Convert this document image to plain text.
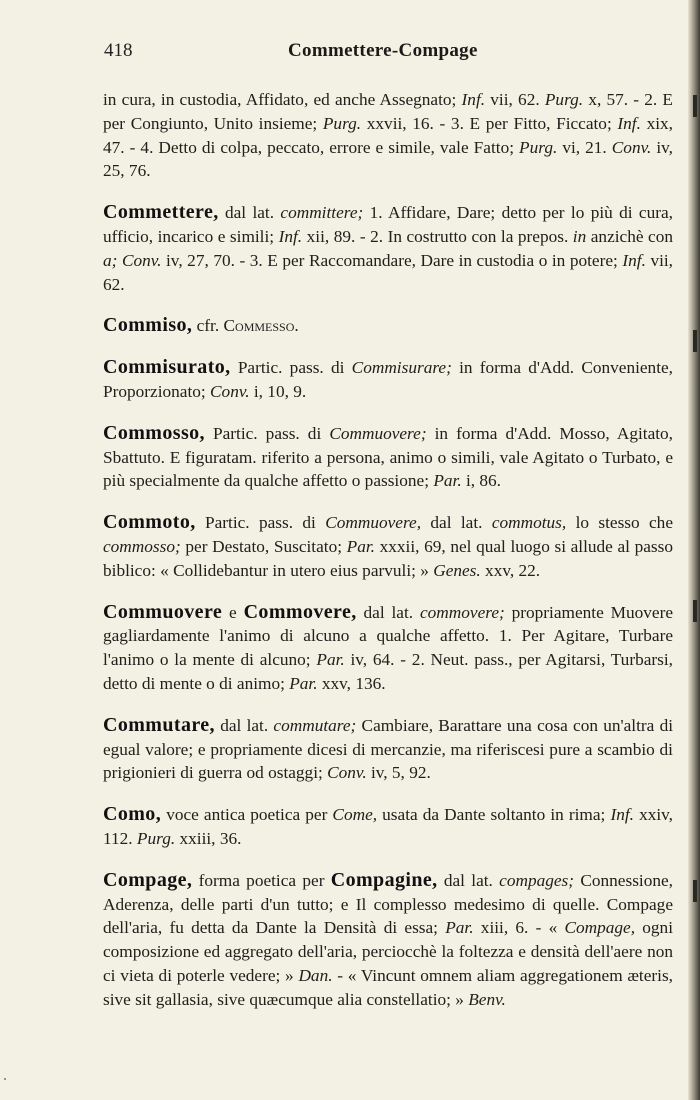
418	Commettere-Compage

in cura, in custodia, Affidato, ed anche Assegnato; Inf. vii, 62. Purg. x, 57. - 2. E per Congiunto, Unito insieme; Purg. xxvii, 16. - 3. E per Fitto, Ficcato; Inf. xix, 47. - 4. Detto di colpa, peccato, errore e simile, vale Fatto; Purg. vi, 21. Conv. iv, 25, 76.

Commettere, dal lat. committere; 1. Affidare, Dare; detto per lo più di cura, ufficio, incarico e simili; Inf. xii, 89. - 2. In costrutto con la prepos. in anzichè con a; Conv. iv, 27, 70. - 3. E per Raccomandare, Dare in custodia o in potere; Inf. vii, 62.

Commiso, cfr. Commesso.

Commisurato, Partic. pass. di Commisurare; in forma d'Add. Conveniente, Proporzionato; Conv. i, 10, 9.

Commosso, Partic. pass. di Commuovere; in forma d'Add. Mosso, Agitato, Sbattuto. E figuratam. riferito a persona, animo o simili, vale Agitato o Turbato, e più specialmente da qualche affetto o passione; Par. i, 86.

Commoto, Partic. pass. di Commuovere, dal lat. commotus, lo stesso che commosso; per Destato, Suscitato; Par. xxxii, 69, nel qual luogo si allude al passo biblico: « Collidebantur in utero eius parvuli; » Genes. xxv, 22.

Commuovere e Commovere, dal lat. commovere; propriamente Muovere gagliardamente l'animo di alcuno a qualche affetto. 1. Per Agitare, Turbare l'animo o la mente di alcuno; Par. iv, 64. - 2. Neut. pass., per Agitarsi, Turbarsi, detto di mente o di animo; Par. xxv, 136.

Commutare, dal lat. commutare; Cambiare, Barattare una cosa con un'altra di egual valore; e propriamente dicesi di mercanzie, ma riferiscesi pure a scambio di prigionieri di guerra od ostaggi; Conv. iv, 5, 92.

Como, voce antica poetica per Come, usata da Dante soltanto in rima; Inf. xxiv, 112. Purg. xxiii, 36.

Compage, forma poetica per Compagine, dal lat. compages; Connessione, Aderenza, delle parti d'un tutto; e Il complesso medesimo di quelle. Compage dell'aria, fu detta da Dante la Densità di essa; Par. xiii, 6. - « Compage, ogni composizione ed aggregato dell'aria, perciocchè la foltezza e densità dell'aere non ci vieta di poterle vedere; » Dan. - « Vincunt omnem aliam aggregationem æteris, sive sit gallasia, sive quæcumque alia constellatio; » Benv.
